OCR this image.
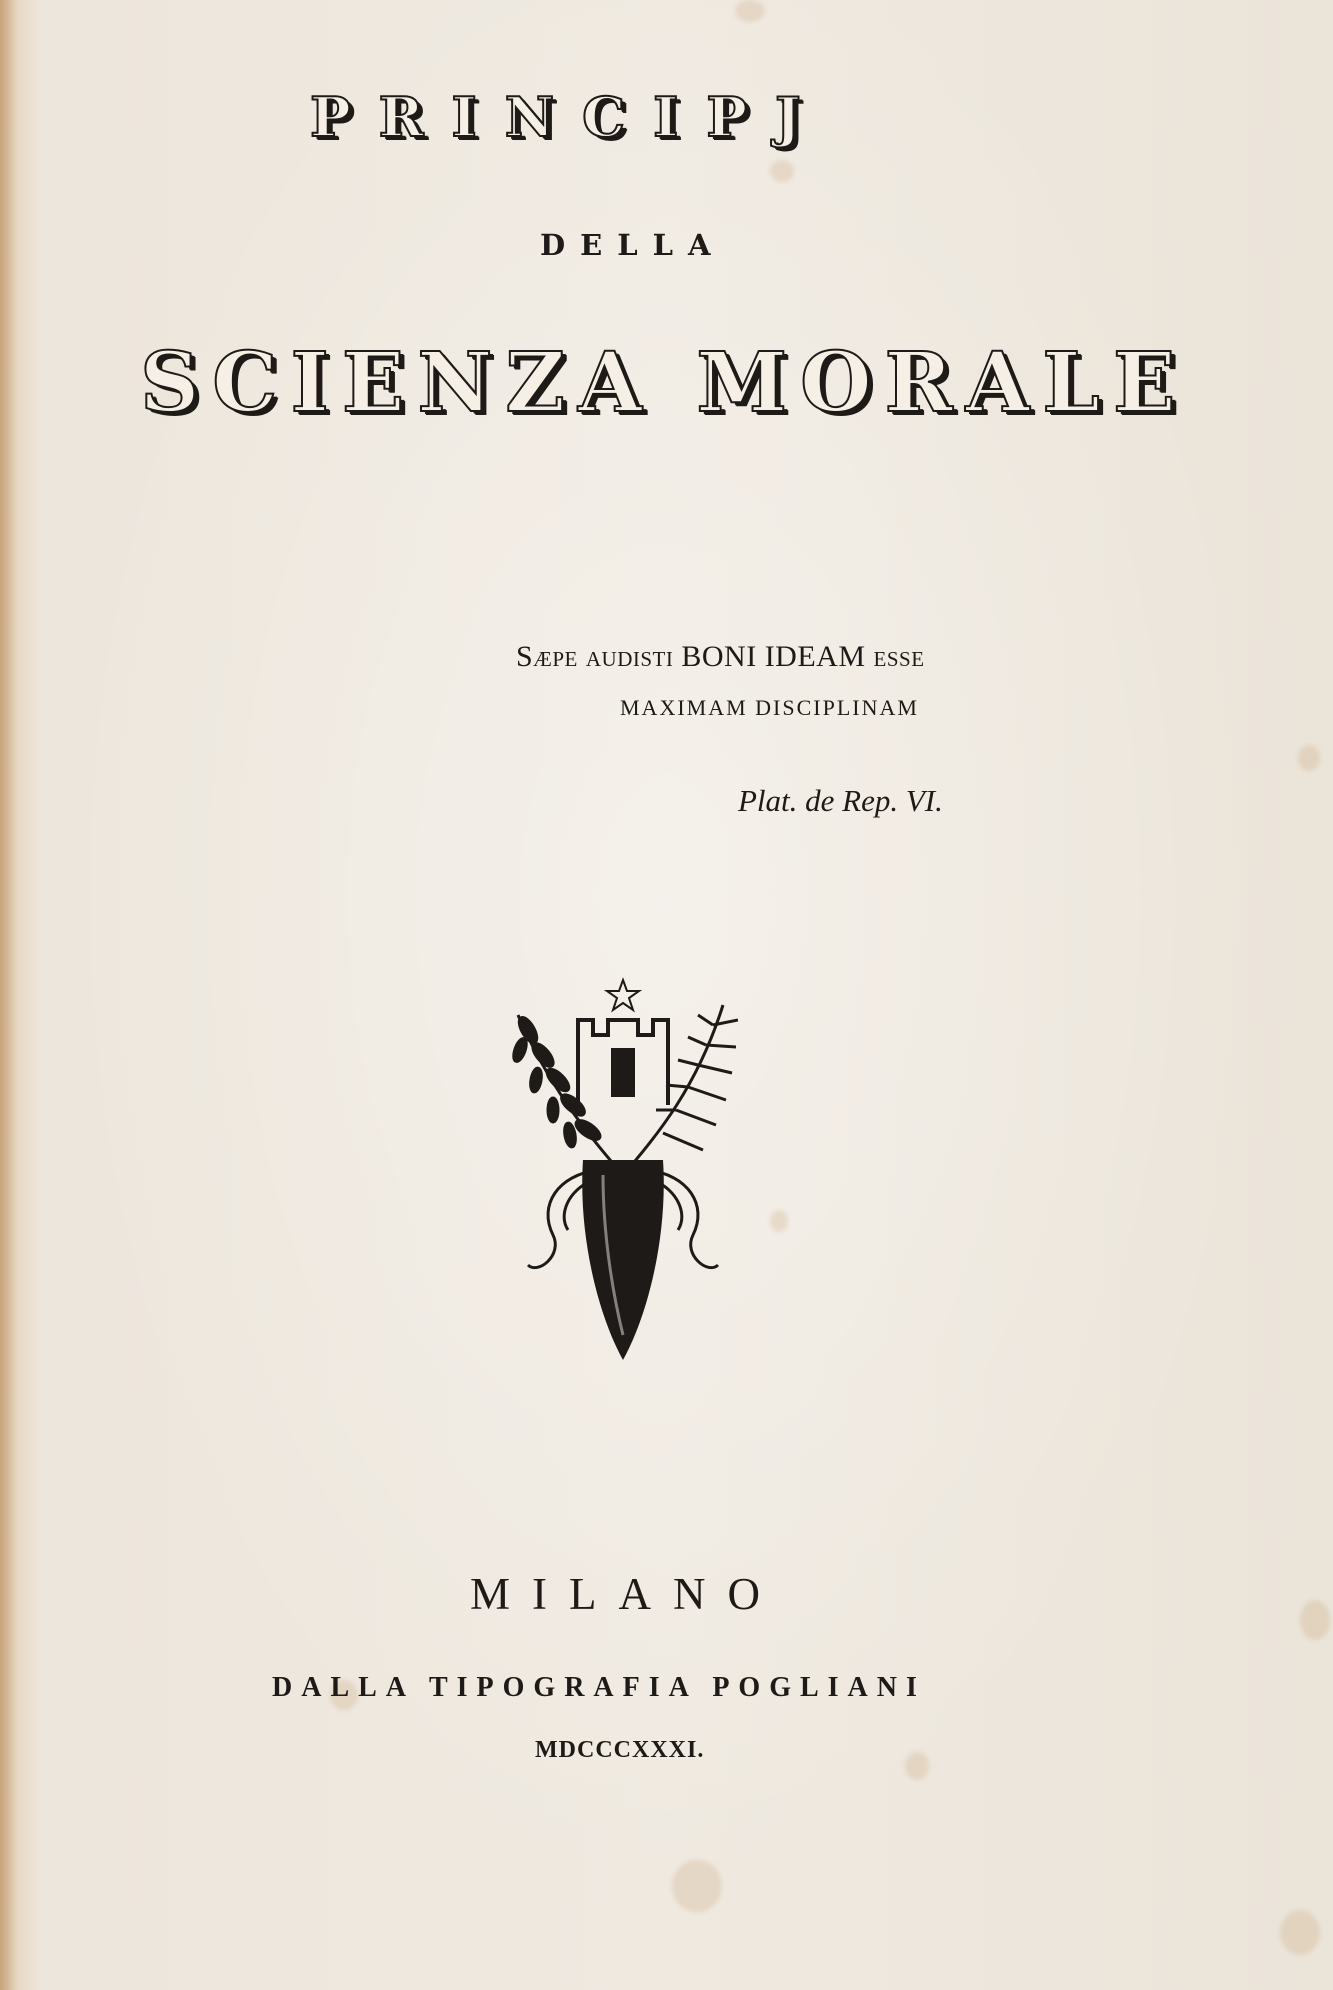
PRINCIPJ
DELLA
SCIENZA MORALE
Sæpe audisti BONI IDEAM esse
MAXIMAM DISCIPLINAM
Plat. de Rep. VI.
MILANO
DALLA TIPOGRAFIA POGLIANI
MDCCCXXXI.
